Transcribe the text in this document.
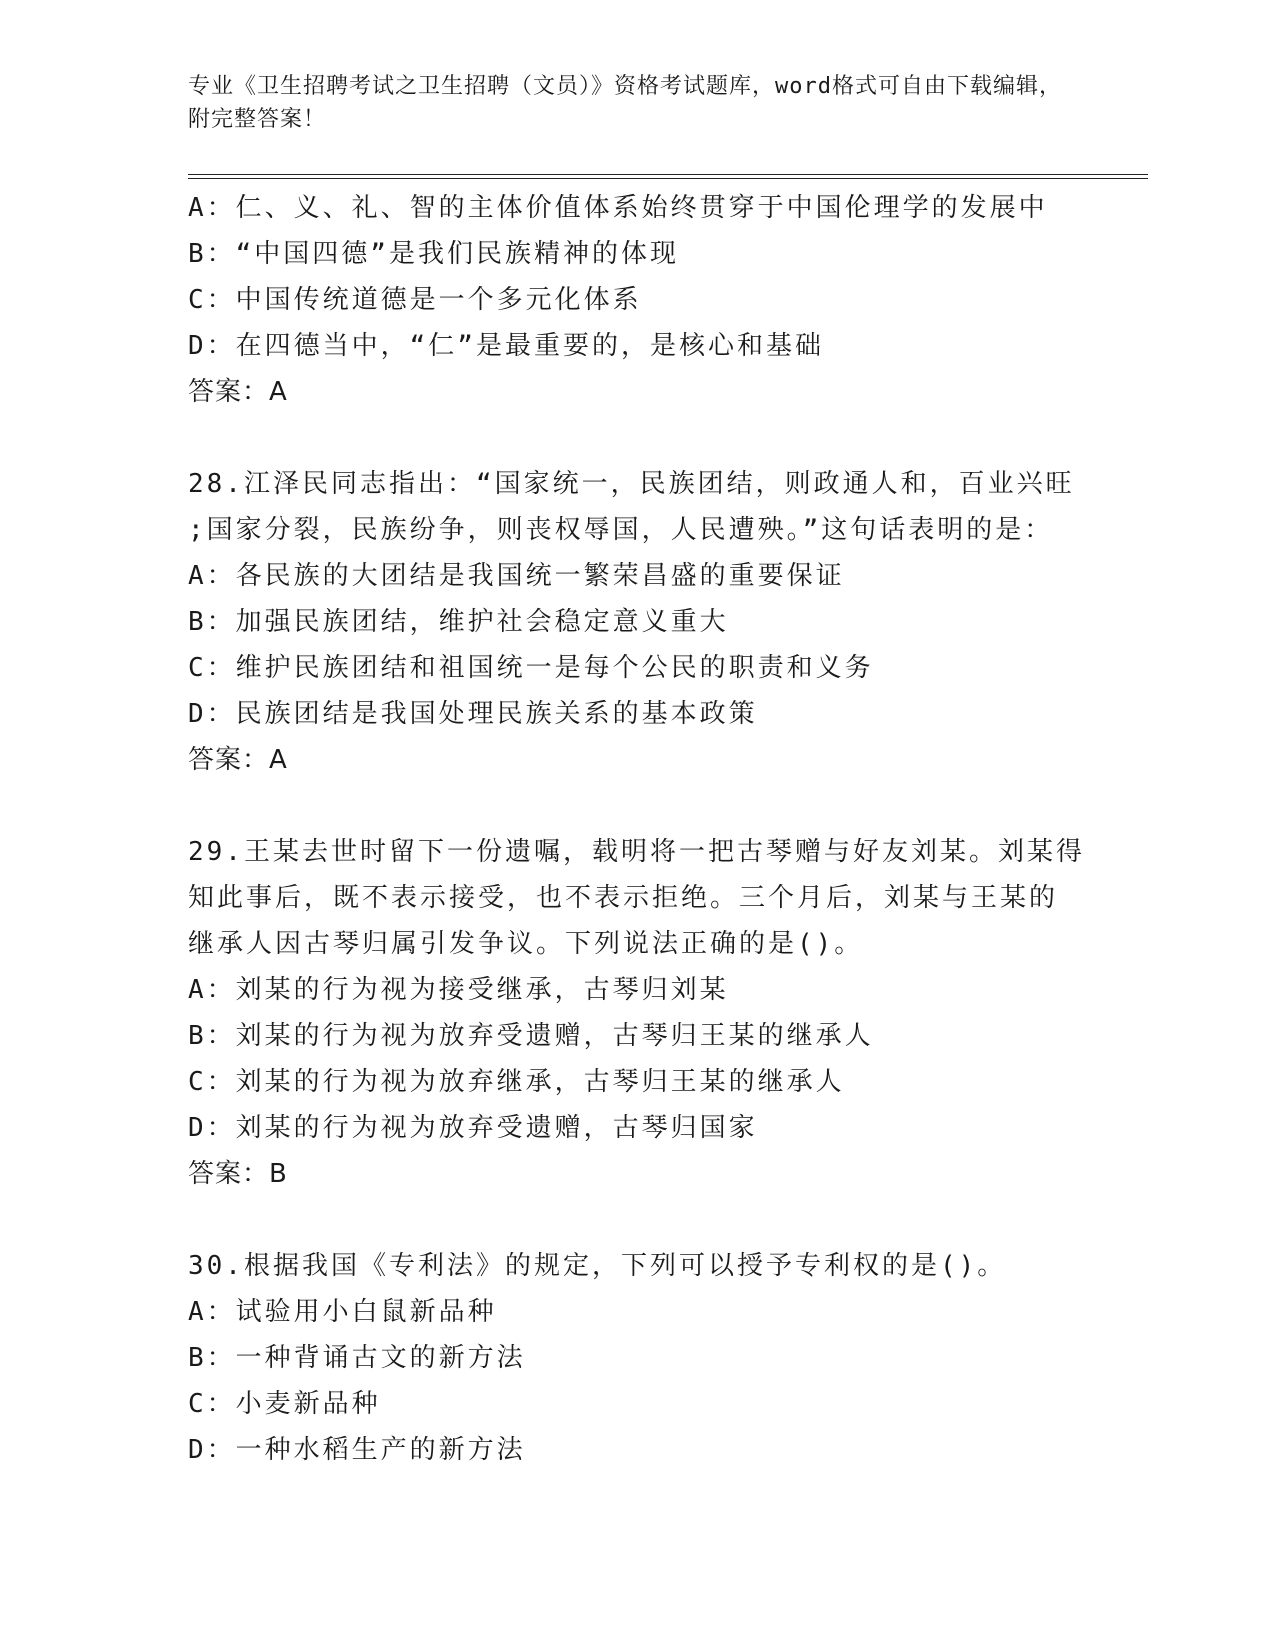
专业《卫生招聘考试之卫生招聘（文员）》资格考试题库，word格式可自由下载编辑，附完整答案！

A：仁、义、礼、智的主体价值体系始终贯穿于中国伦理学的发展中

B：“中国四德”是我们民族精神的体现

C：中国传统道德是一个多元化体系

D：在四德当中，“仁”是最重要的，是核心和基础

答案：A

28.江泽民同志指出：“国家统一，民族团结，则政通人和，百业兴旺

;国家分裂，民族纷争，则丧权辱国，人民遭殃。”这句话表明的是：

A：各民族的大团结是我国统一繁荣昌盛的重要保证

B：加强民族团结，维护社会稳定意义重大

C：维护民族团结和祖国统一是每个公民的职责和义务

D：民族团结是我国处理民族关系的基本政策

答案：A

29.王某去世时留下一份遗嘱，载明将一把古琴赠与好友刘某。刘某得

知此事后，既不表示接受，也不表示拒绝。三个月后，刘某与王某的

继承人因古琴归属引发争议。下列说法正确的是()。

A：刘某的行为视为接受继承，古琴归刘某

B：刘某的行为视为放弃受遗赠，古琴归王某的继承人

C：刘某的行为视为放弃继承，古琴归王某的继承人

D：刘某的行为视为放弃受遗赠，古琴归国家

答案：B

30.根据我国《专利法》的规定，下列可以授予专利权的是()。

A：试验用小白鼠新品种

B：一种背诵古文的新方法

C：小麦新品种

D：一种水稻生产的新方法
